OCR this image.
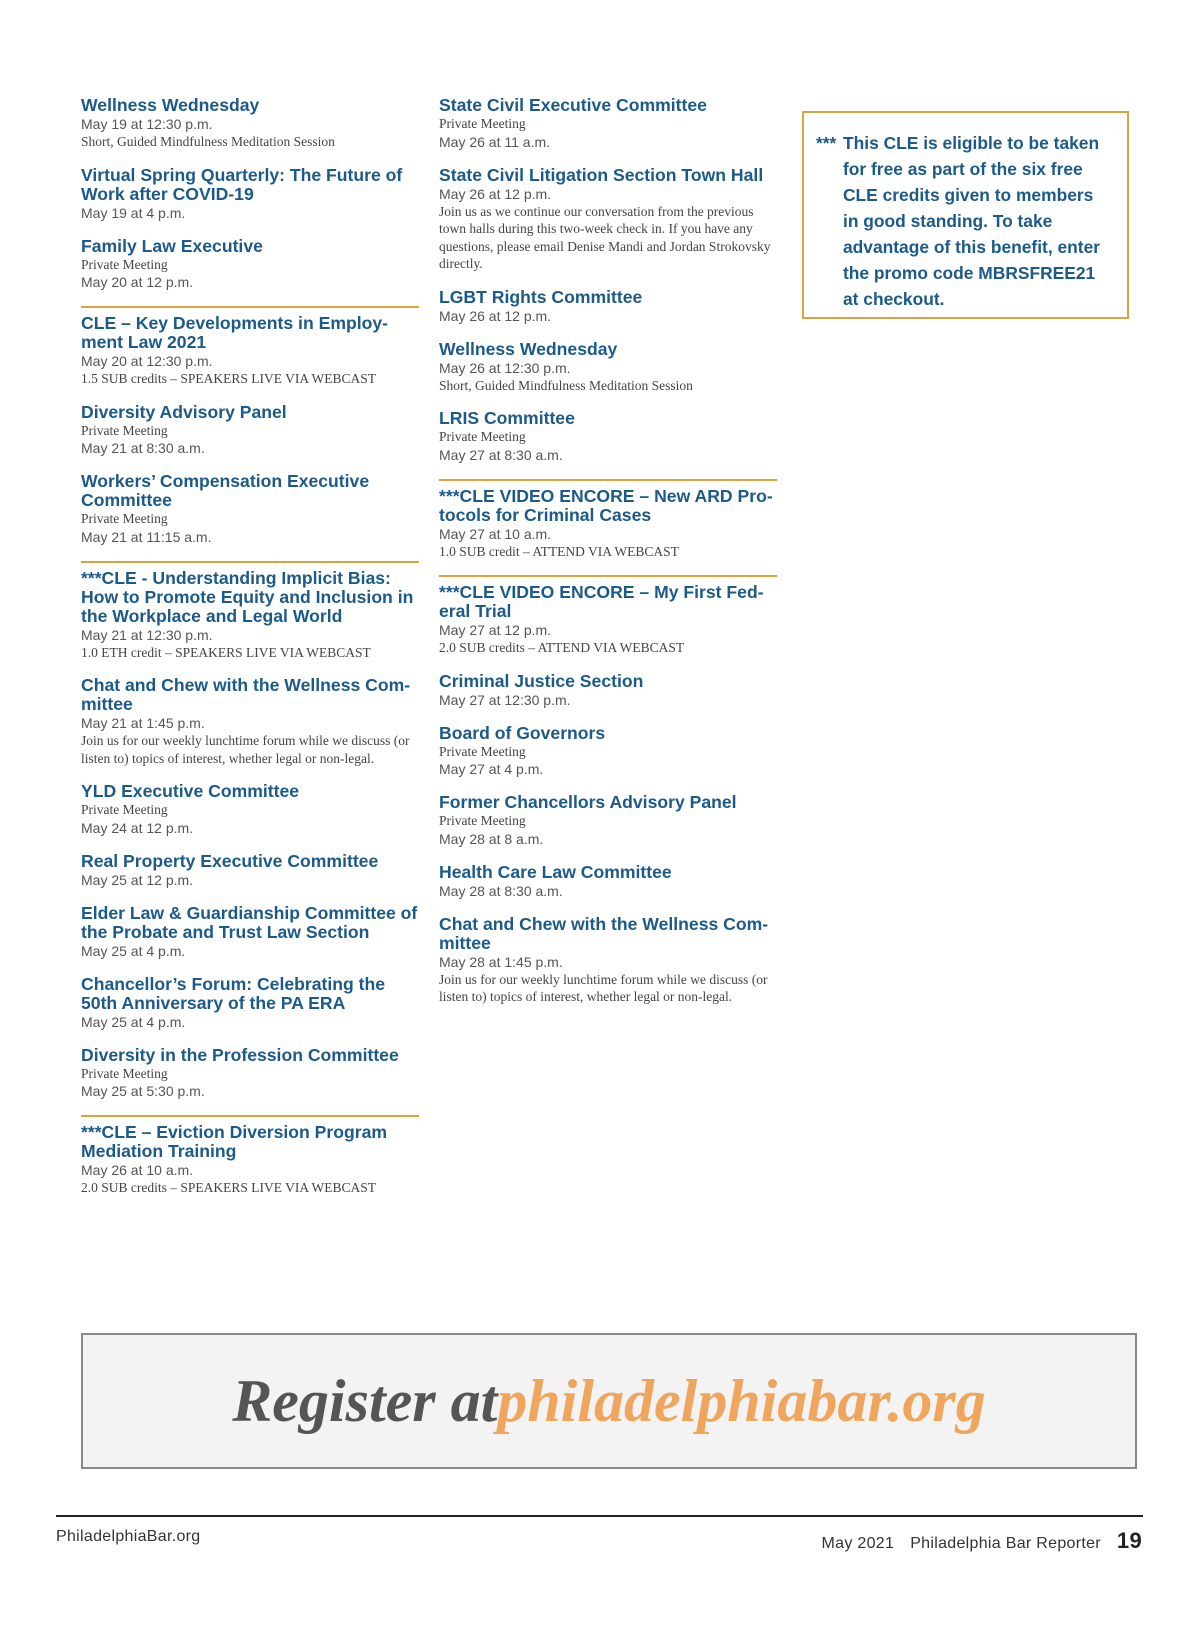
Wellness Wednesday
May 19 at 12:30 p.m.
Short, Guided Mindfulness Meditation Session
Virtual Spring Quarterly: The Future of Work after COVID-19
May 19 at 4 p.m.
Family Law Executive
Private Meeting
May 20 at 12 p.m.
CLE – Key Developments in Employ-ment Law 2021
May 20 at 12:30 p.m.
1.5 SUB credits – SPEAKERS LIVE VIA WEBCAST
Diversity Advisory Panel
Private Meeting
May 21 at 8:30 a.m.
Workers’ Compensation Executive Committee
Private Meeting
May 21 at 11:15 a.m.
***CLE - Understanding Implicit Bias: How to Promote Equity and Inclusion in the Workplace and Legal World
May 21 at 12:30 p.m.
1.0 ETH credit – SPEAKERS LIVE VIA WEBCAST
Chat and Chew with the Wellness Com-mittee
May 21 at 1:45 p.m.
Join us for our weekly lunchtime forum while we discuss (or listen to) topics of interest, whether legal or non-legal.
YLD Executive Committee
Private Meeting
May 24 at 12 p.m.
Real Property Executive Committee
May 25 at 12 p.m.
Elder Law & Guardianship Committee of the Probate and Trust Law Section
May 25 at 4 p.m.
Chancellor’s Forum: Celebrating the 50th Anniversary of the PA ERA
May 25 at 4 p.m.
Diversity in the Profession Committee
Private Meeting
May 25 at 5:30 p.m.
***CLE – Eviction Diversion Program Mediation Training
May 26 at 10 a.m.
2.0 SUB credits – SPEAKERS LIVE VIA WEBCAST
State Civil Executive Committee
Private Meeting
May 26 at 11 a.m.
State Civil Litigation Section Town Hall
May 26 at 12 p.m.
Join us as we continue our conversation from the previous town halls during this two-week check in. If you have any questions, please email Denise Mandi and Jordan Strokovsky directly.
LGBT Rights Committee
May 26 at 12 p.m.
Wellness Wednesday
May 26 at 12:30 p.m.
Short, Guided Mindfulness Meditation Session
LRIS Committee
Private Meeting
May 27 at 8:30 a.m.
***CLE VIDEO ENCORE – New ARD Pro-tocols for Criminal Cases
May 27 at 10 a.m.
1.0 SUB credit – ATTEND VIA WEBCAST
***CLE VIDEO ENCORE – My First Fed-eral Trial
May 27 at 12 p.m.
2.0 SUB credits – ATTEND VIA WEBCAST
Criminal Justice Section
May 27 at 12:30 p.m.
Board of Governors
Private Meeting
May 27 at 4 p.m.
Former Chancellors Advisory Panel
Private Meeting
May 28 at 8 a.m.
Health Care Law Committee
May 28 at 8:30 a.m.
Chat and Chew with the Wellness Com-mittee
May 28 at 1:45 p.m.
Join us for our weekly lunchtime forum while we discuss (or listen to) topics of interest, whether legal or non-legal.
*** This CLE is eligible to be taken for free as part of the six free CLE credits given to members in good standing. To take advantage of this benefit, enter the promo code MBRSFREE21 at checkout.
Register at philadelphiabar.org
PhiladelphiaBar.org	May 2021 Philadelphia Bar Reporter 19
